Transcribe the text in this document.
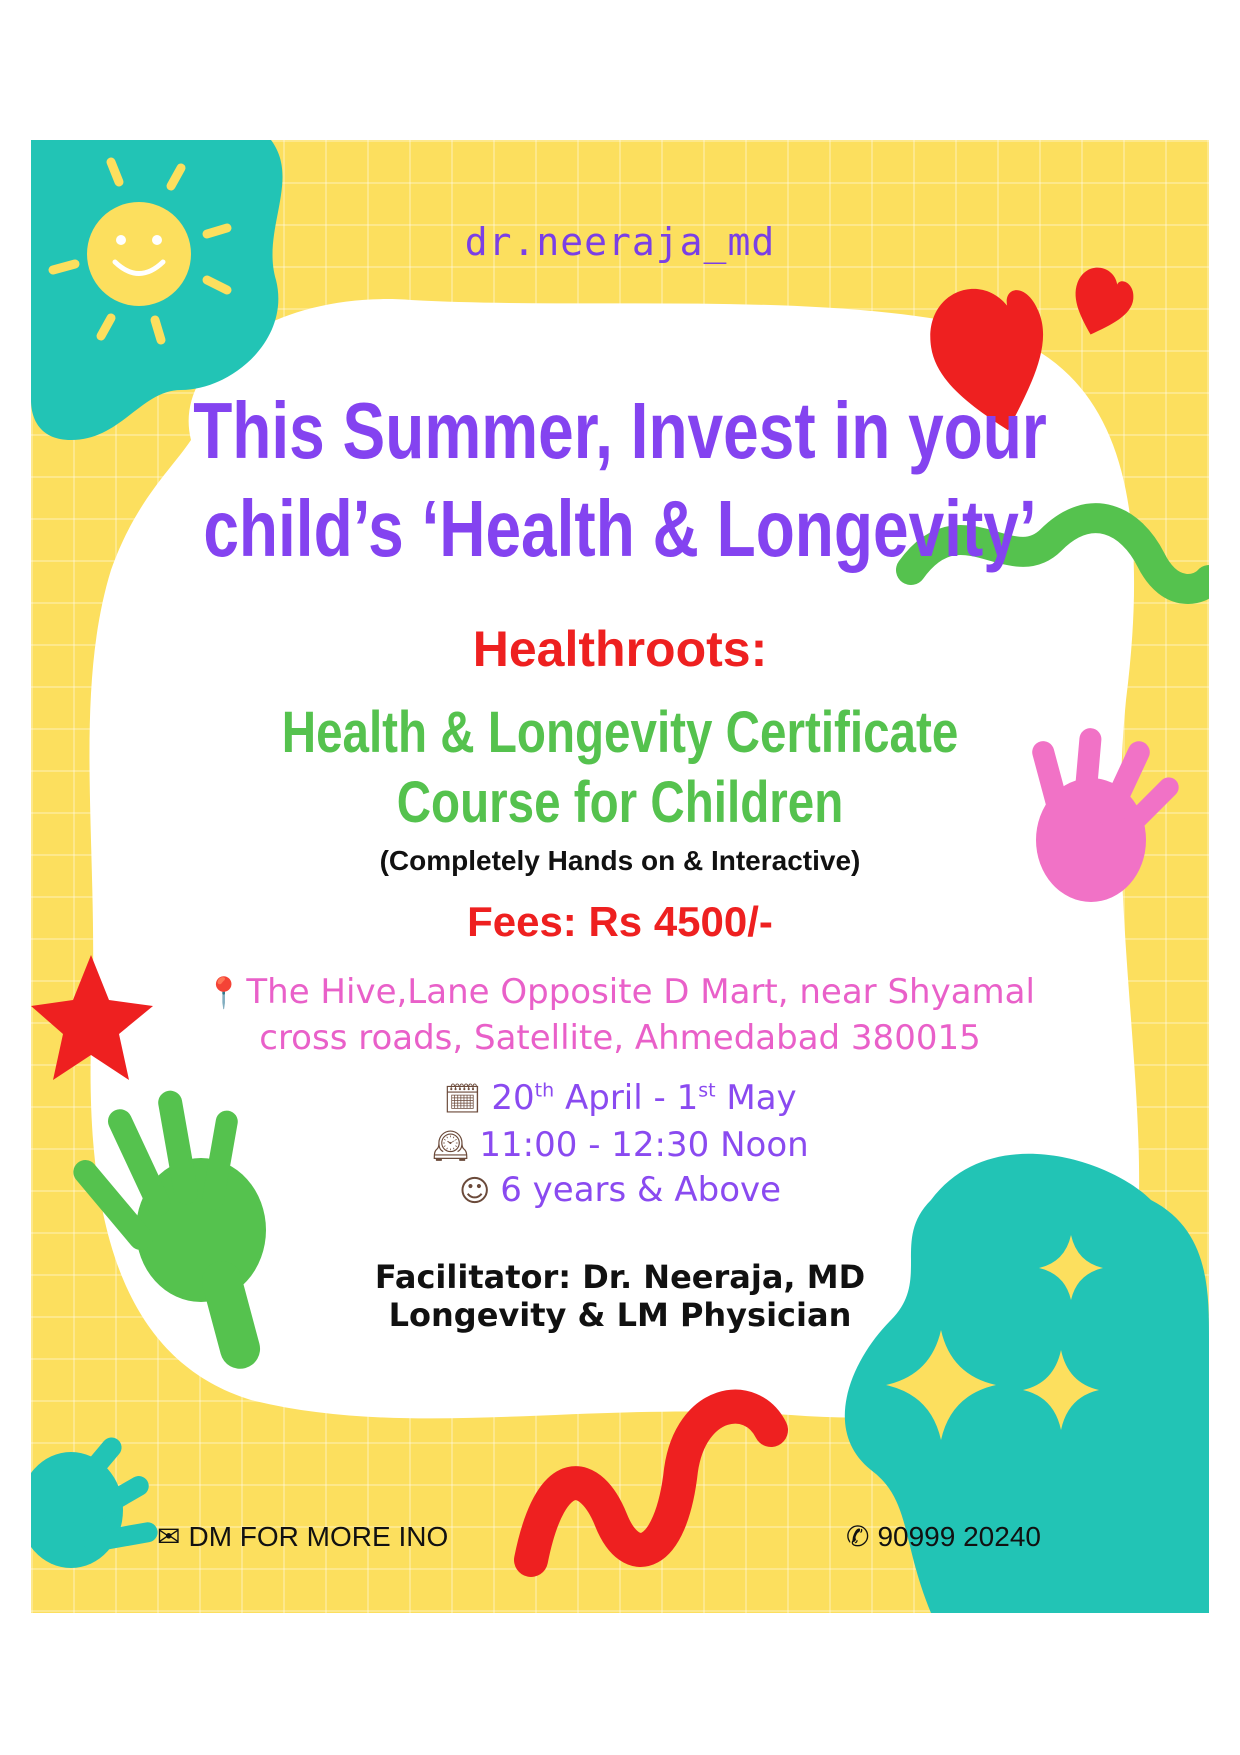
dr.neeraja_md

This Summer, Invest in your
child’s ‘Health & Longevity’

Healthroots:

Health & Longevity Certificate
Course for Children

(Completely Hands on & Interactive)

Fees: Rs 4500/-

📍 The Hive,Lane Opposite D Mart, near Shyamal
cross roads, Satellite, Ahmedabad 380015
🗓 20th April - 1st May
🕰 11:00 - 12:30 Noon
☺ 6 years & Above
Facilitator: Dr. Neeraja, MD
Longevity & LM Physician

✉ DM FOR MORE INO	✆ 90999 20240
